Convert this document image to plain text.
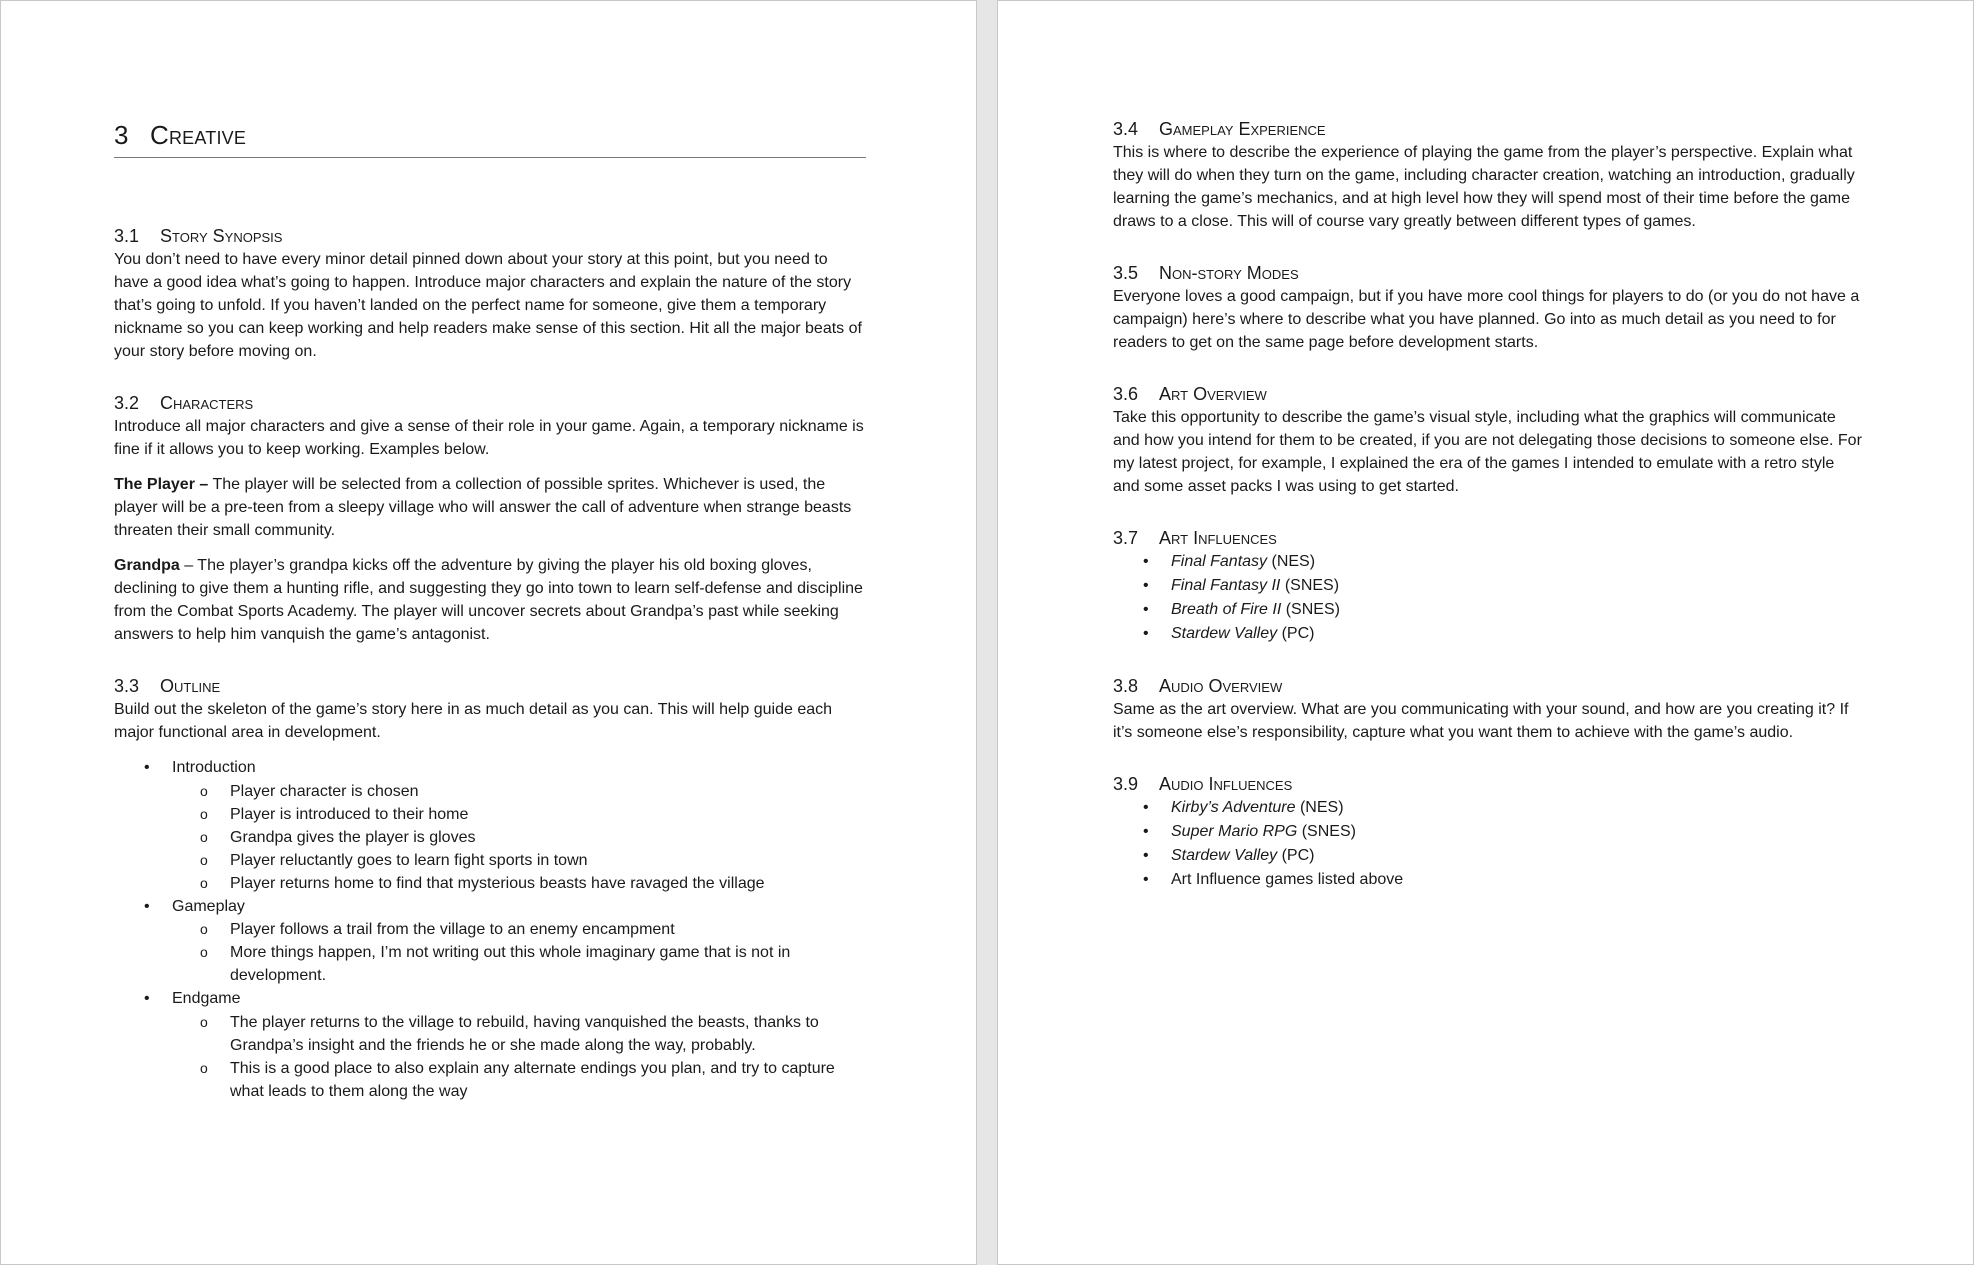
3 Creative
3.1 Story Synopsis

You don’t need to have every minor detail pinned down about your story at this point, but you need to have a good idea what’s going to happen. Introduce major characters and explain the nature of the story that’s going to unfold. If you haven’t landed on the perfect name for someone, give them a temporary nickname so you can keep working and help readers make sense of this section. Hit all the major beats of your story before moving on.

3.2 Characters

Introduce all major characters and give a sense of their role in your game. Again, a temporary nickname is fine if it allows you to keep working. Examples below.

The Player – The player will be selected from a collection of possible sprites. Whichever is used, the player will be a pre-teen from a sleepy village who will answer the call of adventure when strange beasts threaten their small community.

Grandpa – The player’s grandpa kicks off the adventure by giving the player his old boxing gloves, declining to give them a hunting rifle, and suggesting they go into town to learn self-defense and discipline from the Combat Sports Academy. The player will uncover secrets about Grandpa’s past while seeking answers to help him vanquish the game’s antagonist.

3.3 Outline

Build out the skeleton of the game’s story here in as much detail as you can. This will help guide each major functional area in development.

• Introduction
o Player character is chosen
o Player is introduced to their home
o Grandpa gives the player is gloves
o Player reluctantly goes to learn fight sports in town
o Player returns home to find that mysterious beasts have ravaged the village
• Gameplay
o Player follows a trail from the village to an enemy encampment
o More things happen, I’m not writing out this whole imaginary game that is not in development.
• Endgame
o The player returns to the village to rebuild, having vanquished the beasts, thanks to Grandpa’s insight and the friends he or she made along the way, probably.
o This is a good place to also explain any alternate endings you plan, and try to capture what leads to them along the way
3.4 Gameplay Experience

This is where to describe the experience of playing the game from the player’s perspective. Explain what they will do when they turn on the game, including character creation, watching an introduction, gradually learning the game’s mechanics, and at high level how they will spend most of their time before the game draws to a close. This will of course vary greatly between different types of games.

3.5 Non-story Modes

Everyone loves a good campaign, but if you have more cool things for players to do (or you do not have a campaign) here’s where to describe what you have planned. Go into as much detail as you need to for readers to get on the same page before development starts.

3.6 Art Overview

Take this opportunity to describe the game’s visual style, including what the graphics will communicate and how you intend for them to be created, if you are not delegating those decisions to someone else. For my latest project, for example, I explained the era of the games I intended to emulate with a retro style and some asset packs I was using to get started.

3.7 Art Influences
• Final Fantasy (NES)
• Final Fantasy II (SNES)
• Breath of Fire II (SNES)
• Stardew Valley (PC)
3.8 Audio Overview

Same as the art overview. What are you communicating with your sound, and how are you creating it? If it’s someone else’s responsibility, capture what you want them to achieve with the game’s audio.

3.9 Audio Influences
• Kirby’s Adventure (NES)
• Super Mario RPG (SNES)
• Stardew Valley (PC)
• Art Influence games listed above
